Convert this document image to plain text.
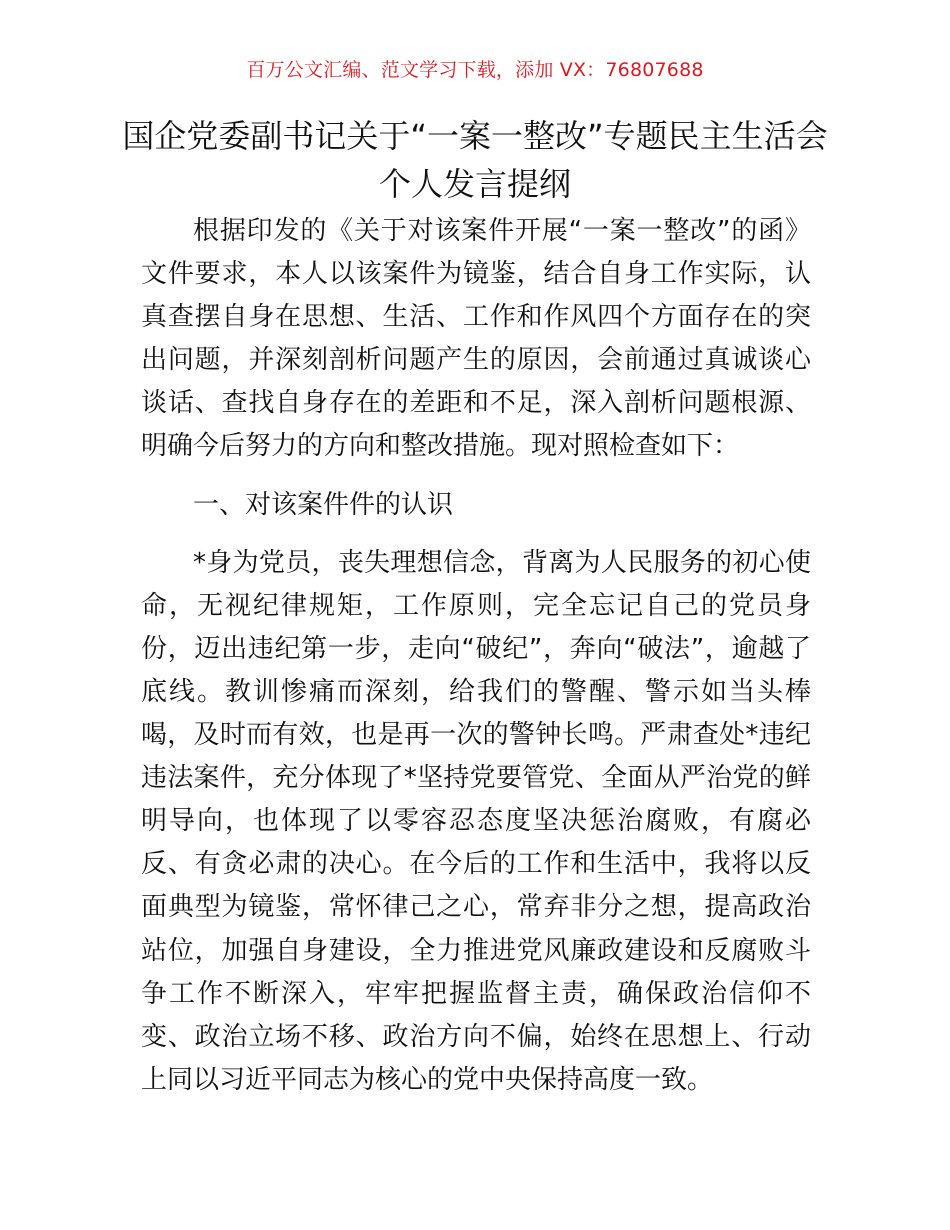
百万公文汇编、范文学习下载，添加 VX：76807688
国企党委副书记关于“一案一整改”专题民主生活会个人发言提纲

根据印发的《关于对该案件开展“一案一整改”的函》文件要求，本人以该案件为镜鉴，结合自身工作实际，认真查摆自身在思想、生活、工作和作风四个方面存在的突出问题，并深刻剖析问题产生的原因，会前通过真诚谈心谈话、查找自身存在的差距和不足，深入剖析问题根源、明确今后努力的方向和整改措施。现对照检查如下：

一、对该案件件的认识

*身为党员，丧失理想信念，背离为人民服务的初心使命，无视纪律规矩，工作原则，完全忘记自己的党员身份，迈出违纪第一步，走向“破纪”，奔向“破法”，逾越了底线。教训惨痛而深刻，给我们的警醒、警示如当头棒喝，及时而有效，也是再一次的警钟长鸣。严肃查处*违纪违法案件，充分体现了*坚持党要管党、全面从严治党的鲜明导向，也体现了以零容忍态度坚决惩治腐败，有腐必反、有贪必肃的决心。在今后的工作和生活中，我将以反面典型为镜鉴，常怀律己之心，常弃非分之想，提高政治站位，加强自身建设，全力推进党风廉政建设和反腐败斗争工作不断深入，牢牢把握监督主责，确保政治信仰不变、政治立场不移、政治方向不偏，始终在思想上、行动上同以习近平同志为核心的党中央保持高度一致。
